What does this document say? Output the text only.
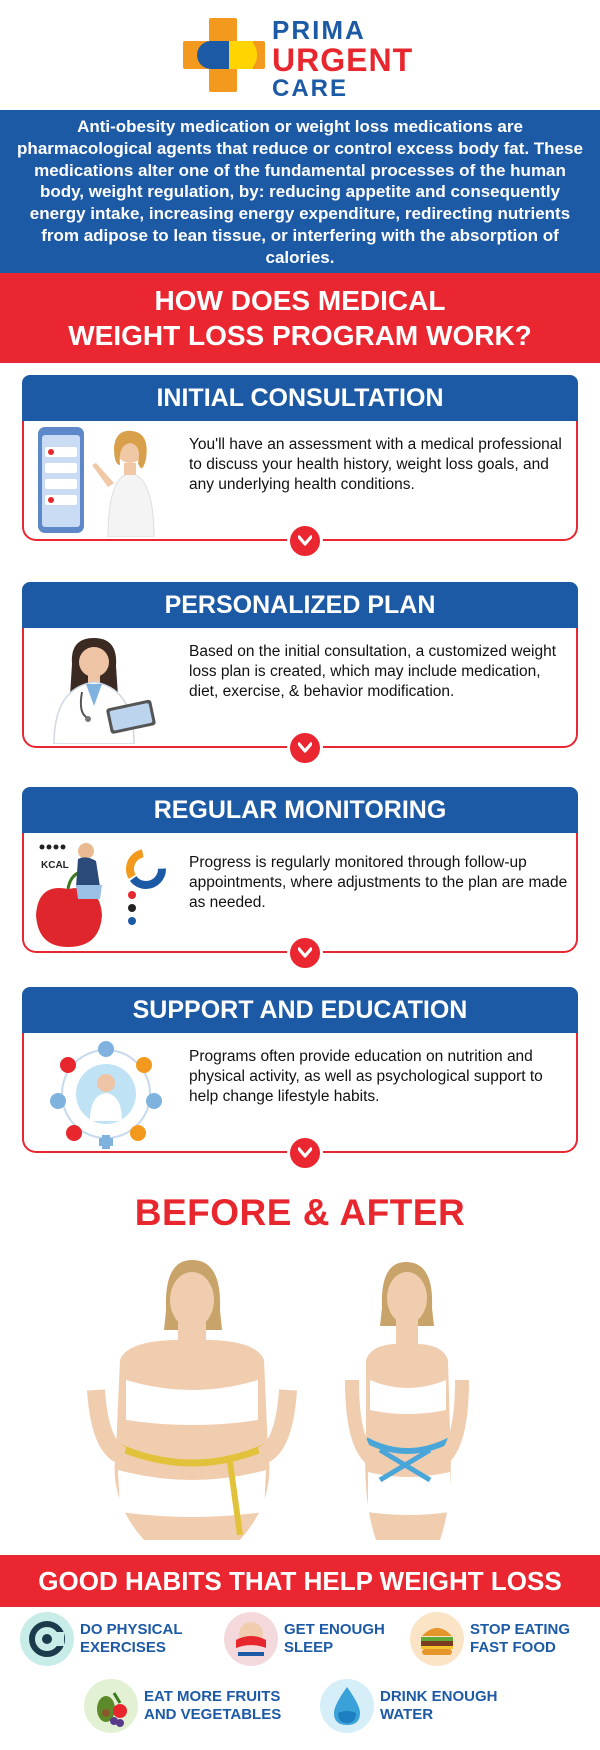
PRIMA
URGENT
CARE
Anti-obesity medication or weight loss medications are pharmacological agents that reduce or control excess body fat. These medications alter one of the fundamental processes of the human body, weight regulation, by: reducing appetite and consequently energy intake, increasing energy expenditure, redirecting nutrients from adipose to lean tissue, or interfering with the absorption of calories.
HOW DOES MEDICAL
WEIGHT LOSS PROGRAM WORK?
INITIAL CONSULTATION
You'll have an assessment with a medical professional to discuss your health history, weight loss goals, and any underlying health conditions.
PERSONALIZED PLAN
Based on the initial consultation, a customized weight loss plan is created, which may include medication, diet, exercise, & behavior modification.
REGULAR MONITORING
KCAL	Progress is regularly monitored through follow-up appointments, where adjustments to the plan are made as needed.
SUPPORT AND EDUCATION
Programs often provide education on nutrition and physical activity, as well as psychological support to help change lifestyle habits.
BEFORE & AFTER
GOOD HABITS THAT HELP WEIGHT LOSS
DO PHYSICAL
EXERCISES
GET ENOUGH
SLEEP
STOP EATING
FAST FOOD
EAT MORE FRUITS
AND VEGETABLES
DRINK ENOUGH
WATER
